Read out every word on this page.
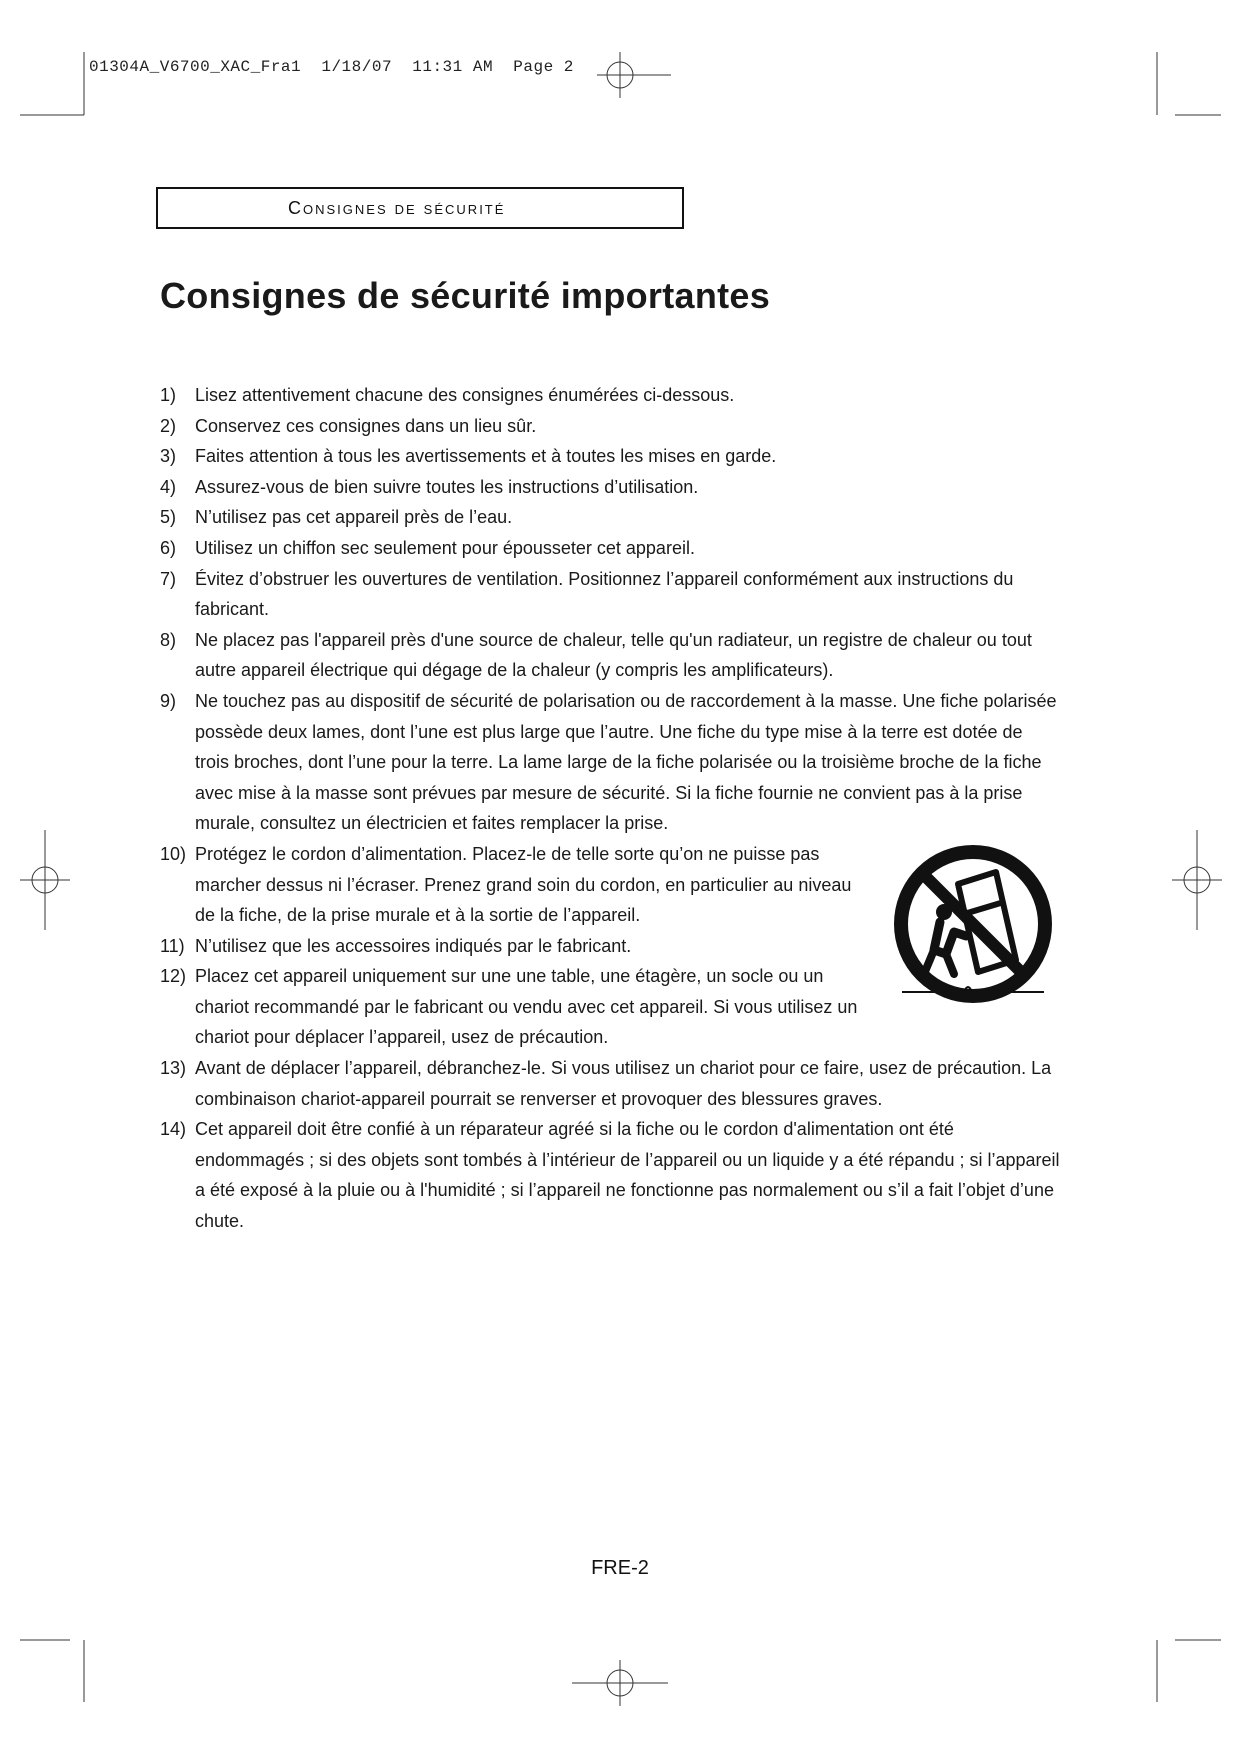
01304A_V6700_XAC_Fra1  1/18/07  11:31 AM  Page 2
Consignes de sécurité
Consignes de sécurité importantes
1) Lisez attentivement chacune des consignes énumérées ci-dessous.
2) Conservez ces consignes dans un lieu sûr.
3) Faites attention à tous les avertissements et à toutes les mises en garde.
4) Assurez-vous de bien suivre toutes les instructions d’utilisation.
5) N’utilisez pas cet appareil près de l’eau.
6) Utilisez un chiffon sec seulement pour épousseter cet appareil.
7) Évitez d’obstruer les ouvertures de ventilation. Positionnez l’appareil conformément aux instructions du fabricant.
8) Ne placez pas l'appareil près d'une source de chaleur, telle qu'un radiateur, un registre de chaleur ou tout autre appareil électrique qui dégage de la chaleur (y compris les amplificateurs).
9) Ne touchez pas au dispositif de sécurité de polarisation ou de raccordement à la masse. Une fiche polarisée possède deux lames, dont l’une est plus large que l’autre. Une fiche du type mise à la terre est dotée de trois broches, dont l’une pour la terre. La lame large de la fiche polarisée ou la troisième broche de la fiche avec mise à la masse sont prévues par mesure de sécurité. Si la fiche fournie ne convient pas à la prise murale, consultez un électricien et faites remplacer la prise.
10) Protégez le cordon d’alimentation. Placez-le de telle sorte qu’on ne puisse pas marcher dessus ni l’écraser. Prenez grand soin du cordon, en particulier au niveau de la fiche, de la prise murale et à la sortie de l’appareil.
11) N’utilisez que les accessoires indiqués par le fabricant.
12) Placez cet appareil uniquement sur une une table, une étagère, un socle ou un chariot recommandé par le fabricant ou vendu avec cet appareil. Si vous utilisez un chariot pour déplacer l’appareil, usez de précaution.
13) Avant de déplacer l’appareil, débranchez-le. Si vous utilisez un chariot pour ce faire, usez de précaution. La combinaison chariot-appareil pourrait se renverser et provoquer des blessures graves.
14) Cet appareil doit être confié à un réparateur agréé si la fiche ou le cordon d'alimentation ont été endommagés ; si des objets sont tombés à l’intérieur de l’appareil ou un liquide y a été répandu ; si l’appareil a été exposé à la pluie ou à l'humidité ; si l’appareil ne fonctionne pas normalement ou s’il a fait l’objet d’une chute.
FRE-2
